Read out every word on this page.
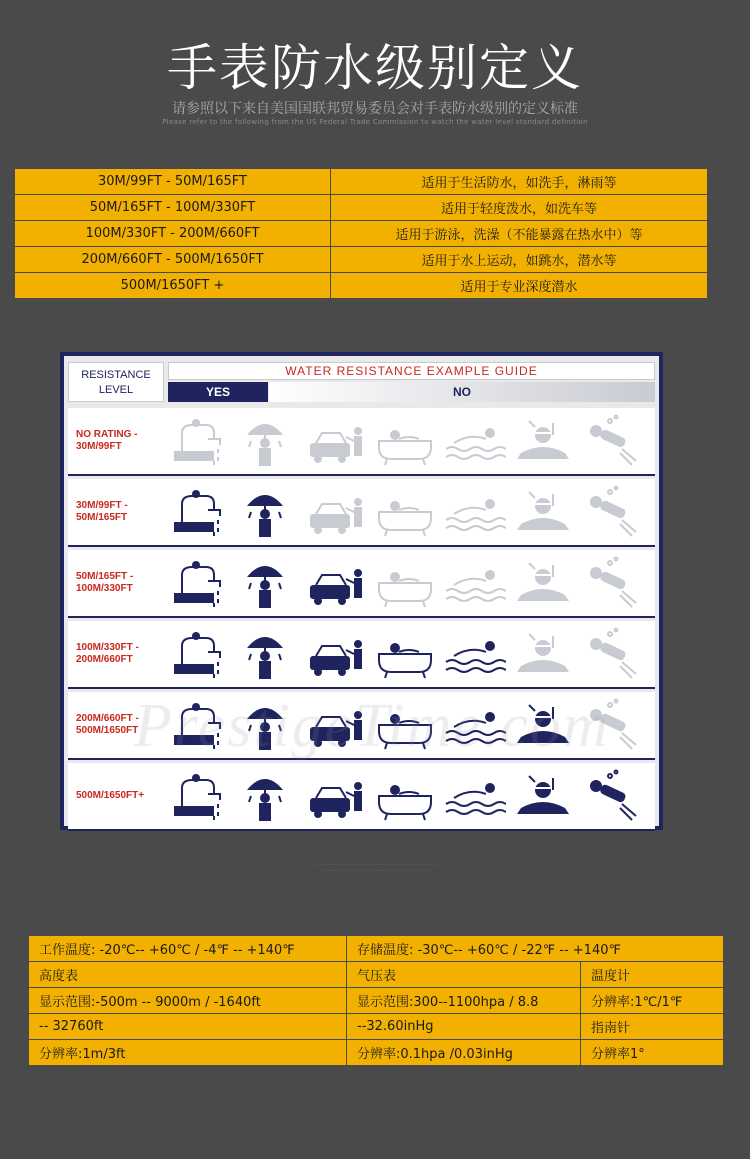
手表防水级别定义
请参照以下来自美国国联邦贸易委员会对手表防水级别的定义标准
Please refer to the following from the US Federal Trade Commission to watch the water level standard definition
30M/99FT - 50M/165FT	适用于生活防水，如洗手，淋雨等
50M/165FT - 100M/330FT	适用于轻度泼水，如洗车等
100M/330FT - 200M/660FT	适用于游泳，洗澡（不能暴露在热水中）等
200M/660FT - 500M/1650FT	适用于水上运动，如跳水，潜水等
500M/1650FT +	适用于专业深度潜水
RESISTANCE
LEVEL
WATER RESISTANCE EXAMPLE GUIDE
YES	NO
NO RATING -
30M/99FT
30M/99FT -
50M/165FT
50M/165FT -
100M/330FT
100M/330FT -
200M/660FT
200M/660FT -
500M/1650FT
500M/1650FT+
· · · · · · · · · · · · · · · · · · · · · · · · · · · · · · · · · · · · · · · · · · · · · · · · · ·
· · · · · · · · · · · · · · · · · · · · · · · · · · · · · · · · · · · · · · · · · ·
工作温度: -20℃-- +60℃ / -4℉ -- +140℉	存储温度: -30℃-- +60℃ / -22℉ -- +140℉	
高度表	气压表	温度计
显示范围:-500m -- 9000m / -1640ft	显示范围:300--1100hpa / 8.8	分辨率:1℃/1℉
-- 32760ft	--32.60inHg	指南针
分辨率:1m/3ft	分辨率:0.1hpa /0.03inHg	分辨率1°
